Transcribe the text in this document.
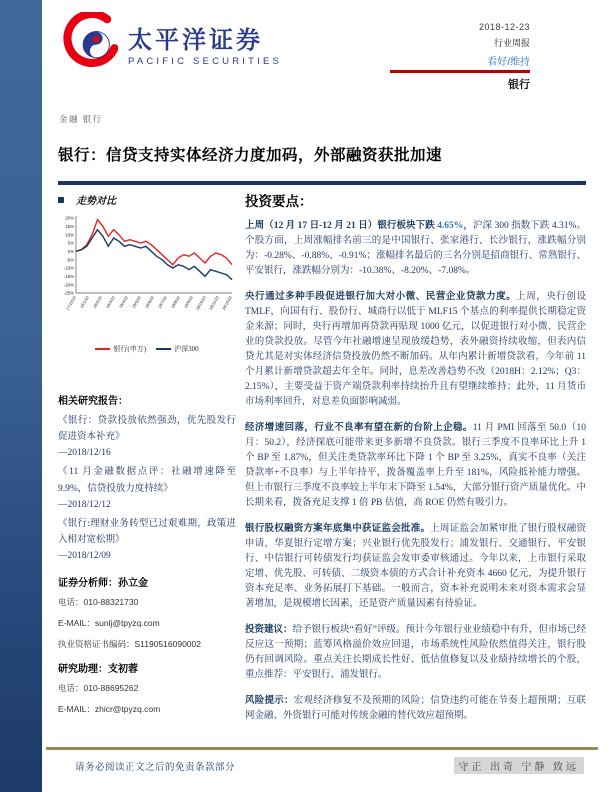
太平洋证券
PACIFIC SECURITIES
2018-12-23
行业周报
看好/维持
银行
金融 银行
银行：信贷支持实体经济力度加码，外部融资获批加速
走势对比
20%
15%
10%
5%
0%
-5%
-10%
-15%
-20%
-25%
17/12/22 18/1/22 18/2/22 18/3/22 18/4/22 18/5/22 18/6/22 18/7/22 18/8/22 18/9/22 18/10/22 18/11/22 18/12/22
银行(申万)	沪深300
相关研究报告：
《银行：贷款投放依然强劲，优先股发行促进资本补充》
—2018/12/16
《11 月金融数据点评：社融增速降至 9.9%，信贷投放力度持续》
—2018/12/12
《银行:理财业务转型已过艰难期，政策进入相对宽松期》
—2018/12/09
证券分析师：孙立金
电话：010-88321730
E-MAIL：sunlj@tpyzq.com
执业资格证书编码：S1190516090002
研究助理：支初蓉
电话：010-88695262
E-MAIL：zhicr@tpyzq.com
投资要点：

上周（12 月 17 日-12 月 21 日）银行板块下跌 4.65%，沪深 300 指数下跌 4.31%。个股方面，上周涨幅排名前三的是中国银行、张家港行、长沙银行，涨跌幅分别为：-0.28%、-0.88%、-0.91%；涨幅排名最后的三名分别是招商银行、常熟银行、平安银行，涨跌幅分别为：-10.38%、-8.20%、-7.08%。

央行通过多种手段促进银行加大对小微、民营企业贷款力度。上周，央行创设 TMLF，向国有行、股份行、城商行以低于 MLF15 个基点的利率提供长期稳定资金来源；同时，央行再增加再贷款再贴现 1000 亿元，以促进银行对小微、民营企业的贷款投放。尽管今年社融增速呈现放缓趋势，表外融资持续收缩，但表内信贷尤其是对实体经济信贷投放仍然不断加码。从年内累计新增贷款看，今年前 11 个月累计新增贷款超去年全年。同时，息差改善趋势不改（2018H：2.12%；Q3：2.15%），主要受益于资产端贷款利率持续抬升且有望继续维持；此外，11 月货币市场利率回升，对息差负面影响减弱。

经济增速回落，行业不良率有望在新的台阶上企稳。11 月 PMI 回落至 50.0（10 月：50.2），经济探底可能带来更多新增不良贷款。银行三季度不良率环比上升 1 个 BP 至 1.87%，但关注类贷款率环比下降 1 个 BP 至 3.25%，真实不良率（关注贷款率+不良率）与上半年持平，拨备覆盖率上升至 181%，风险抵补能力增强。但上市银行三季度不良率较上半年末下降至 1.54%，大部分银行资产质量优化。中长期来看，拨备充足支撑 1 倍 PB 估值，高 ROE 仍然有吸引力。

银行股权融资方案年底集中获证监会批准。上周证监会加紧审批了银行股权融资申请，华夏银行定增方案；兴业银行优先股发行；浦发银行、交通银行、平安银行、中信银行可转债发行均获证监会发审委审核通过。今年以来，上市银行采取定增、优先股、可转债、二级资本债的方式合计补充资本 4660 亿元，为提升银行资本充足率、业务拓展打下基础。一般而言，资本补充说明未来对资本需求会显著增加，是规模增长因素，还是资产质量因素有待验证。

投资建议：给予银行板块“看好”评级。预计今年银行业业绩稳中有升，但市场已经反应这一预期；蓝筹风格溢价效应回退，市场系统性风险依然值得关注，银行股仍有回调风险。重点关注长期成长性好、低估值修复以及业绩持续增长的个股，重点推荐：平安银行、浦发银行。

风险提示：宏观经济修复不及预期的风险；信贷违约可能在节奏上超预期；互联网金融、外资银行可能对传统金融的替代效应超预期。

请务必阅读正文之后的免责条款部分	守正 出奇 宁静 致远
